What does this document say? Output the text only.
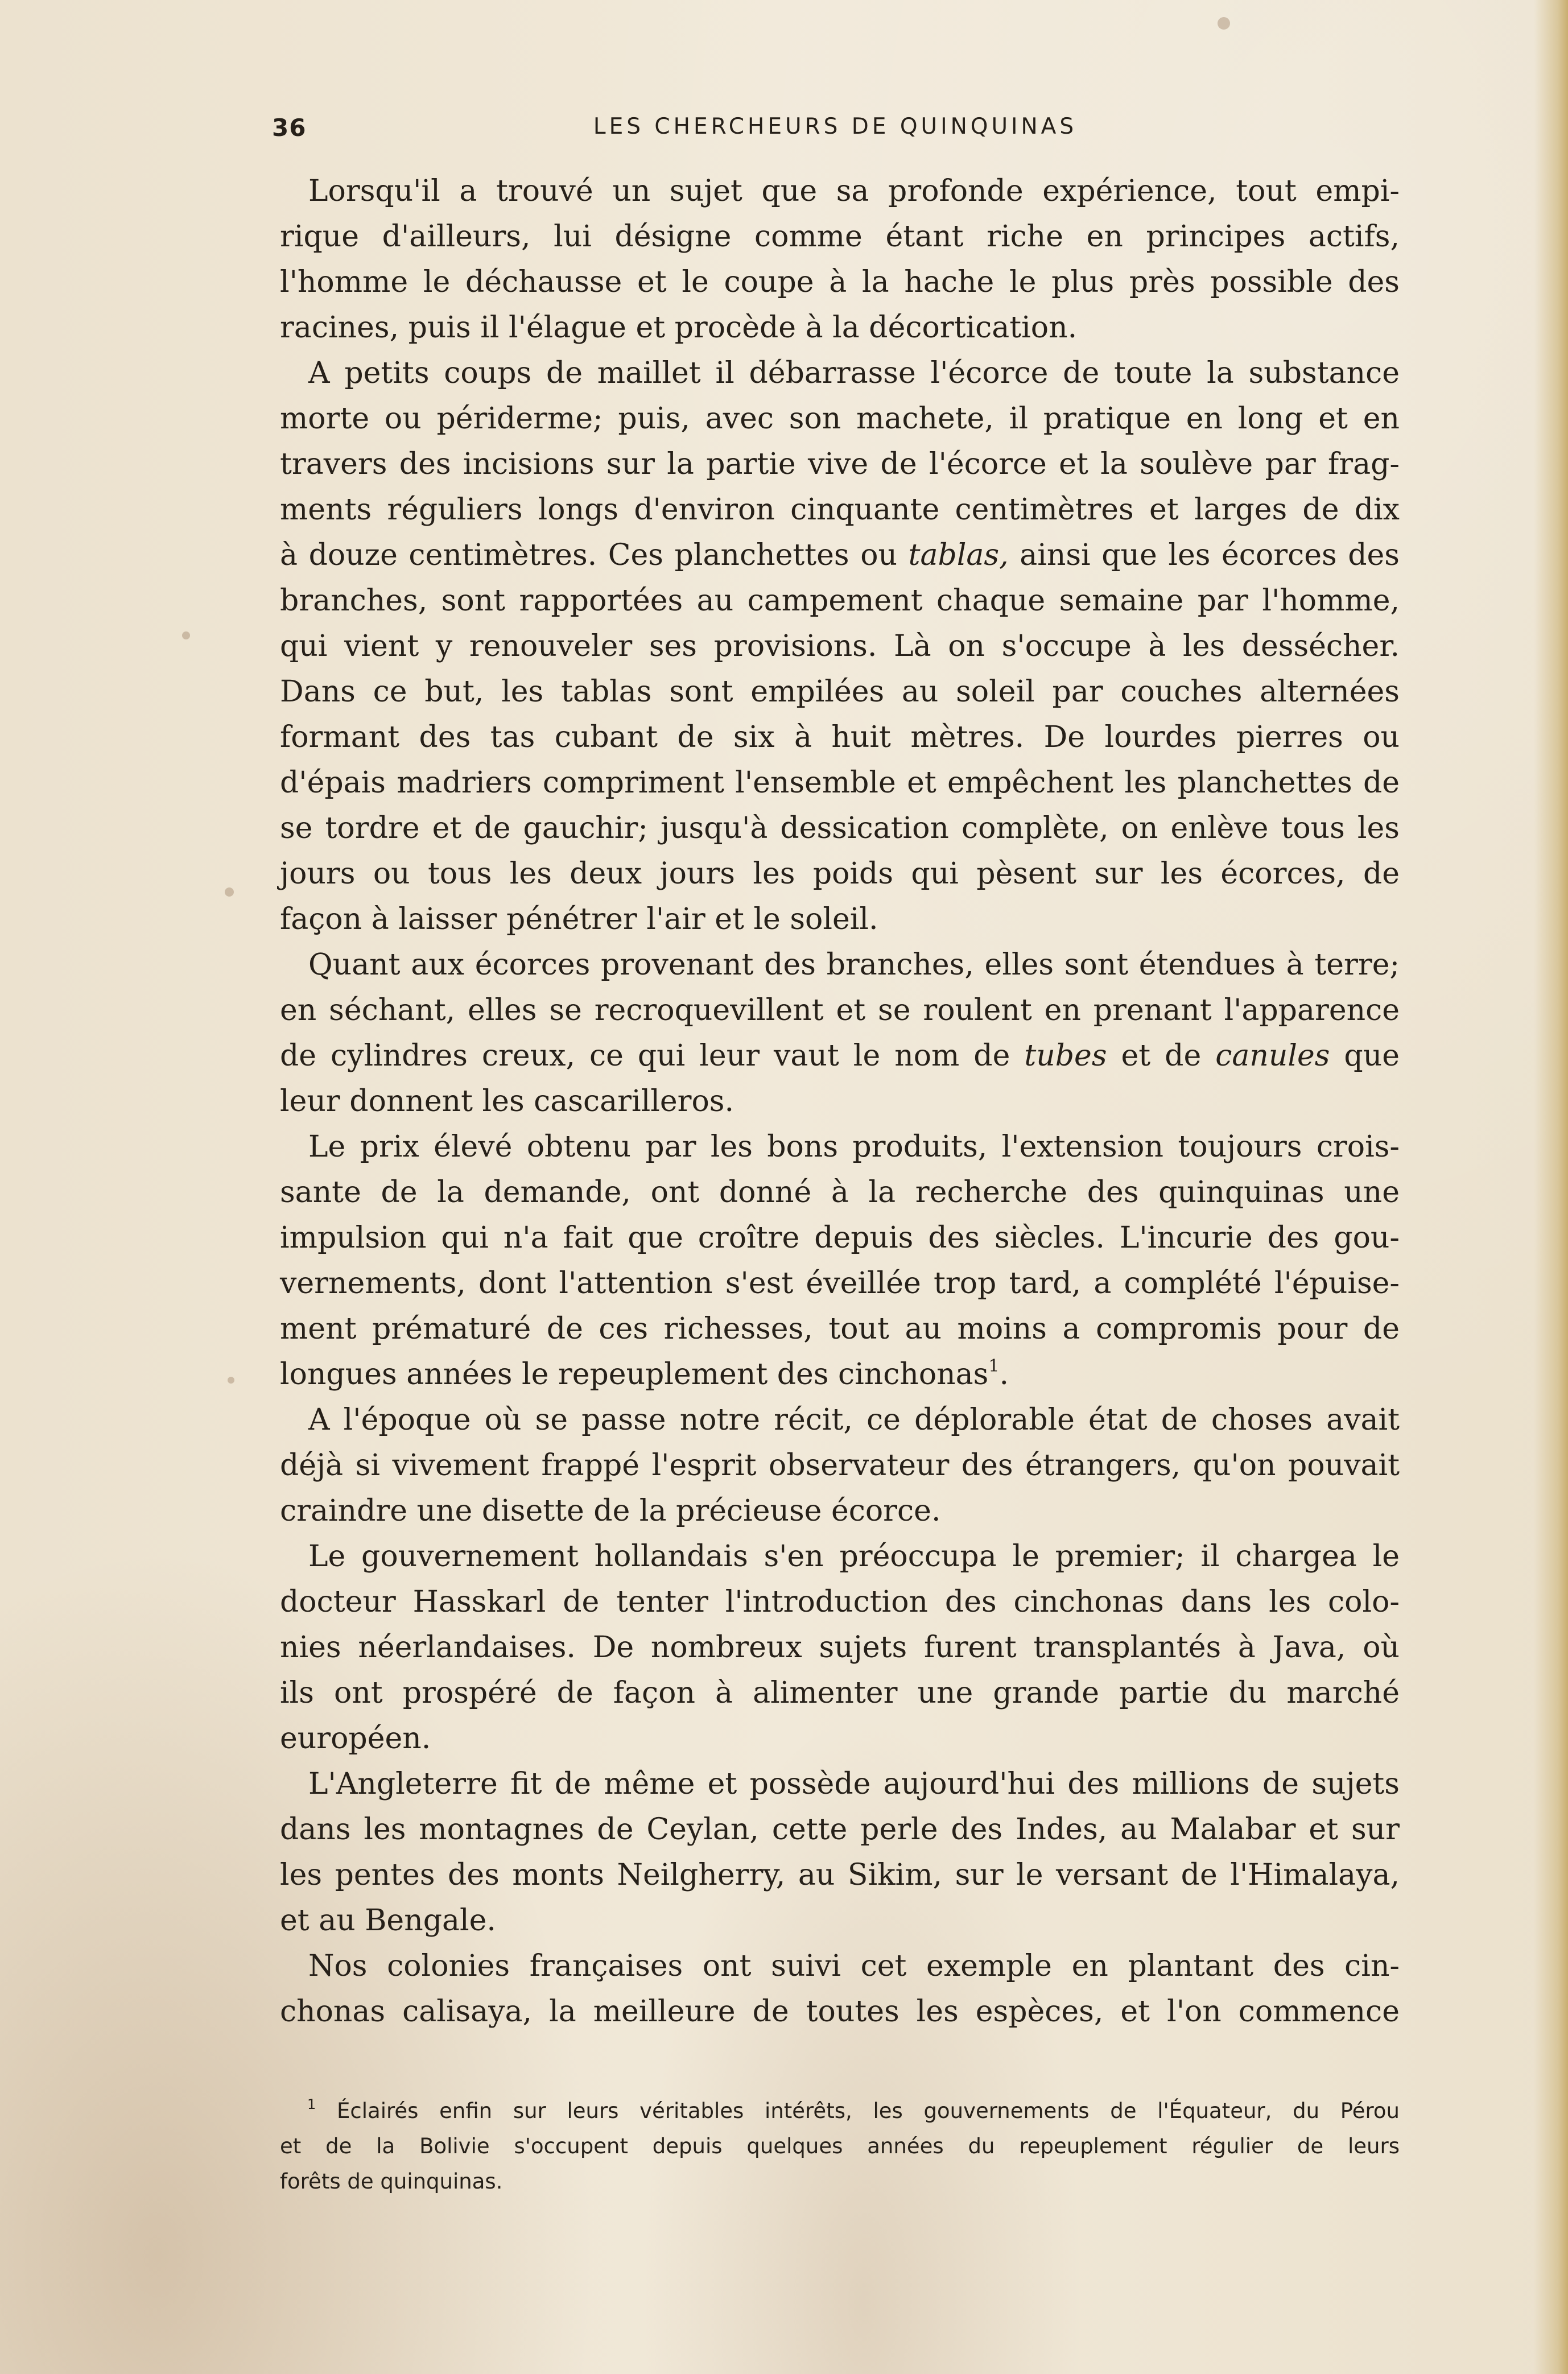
36	LES CHERCHEURS DE QUINQUINAS
Lorsqu'il a trouvé un sujet que sa profonde expérience, tout empi-
rique d'ailleurs, lui désigne comme étant riche en principes actifs,
l'homme le déchausse et le coupe à la hache le plus près possible des
racines, puis il l'élague et procède à la décortication.
A petits coups de maillet il débarrasse l'écorce de toute la substance
morte ou périderme; puis, avec son machete, il pratique en long et en
travers des incisions sur la partie vive de l'écorce et la soulève par frag-
ments réguliers longs d'environ cinquante centimètres et larges de dix
à douze centimètres. Ces planchettes ou tablas, ainsi que les écorces des
branches, sont rapportées au campement chaque semaine par l'homme,
qui vient y renouveler ses provisions. Là on s'occupe à les dessécher.
Dans ce but, les tablas sont empilées au soleil par couches alternées
formant des tas cubant de six à huit mètres. De lourdes pierres ou
d'épais madriers compriment l'ensemble et empêchent les planchettes de
se tordre et de gauchir; jusqu'à dessication complète, on enlève tous les
jours ou tous les deux jours les poids qui pèsent sur les écorces, de
façon à laisser pénétrer l'air et le soleil.
Quant aux écorces provenant des branches, elles sont étendues à terre;
en séchant, elles se recroquevillent et se roulent en prenant l'apparence
de cylindres creux, ce qui leur vaut le nom de tubes et de canules que
leur donnent les cascarilleros.
Le prix élevé obtenu par les bons produits, l'extension toujours crois-
sante de la demande, ont donné à la recherche des quinquinas une
impulsion qui n'a fait que croître depuis des siècles. L'incurie des gou-
vernements, dont l'attention s'est éveillée trop tard, a complété l'épuise-
ment prématuré de ces richesses, tout au moins a compromis pour de
longues années le repeuplement des cinchonas$^1$.
A l'époque où se passe notre récit, ce déplorable état de choses avait
déjà si vivement frappé l'esprit observateur des étrangers, qu'on pouvait
craindre une disette de la précieuse écorce.
Le gouvernement hollandais s'en préoccupa le premier; il chargea le
docteur Hasskarl de tenter l'introduction des cinchonas dans les colo-
nies néerlandaises. De nombreux sujets furent transplantés à Java, où
ils ont prospéré de façon à alimenter une grande partie du marché
européen.
L'Angleterre fit de même et possède aujourd'hui des millions de sujets
dans les montagnes de Ceylan, cette perle des Indes, au Malabar et sur
les pentes des monts Neilgherry, au Sikim, sur le versant de l'Himalaya,
et au Bengale.
Nos colonies françaises ont suivi cet exemple en plantant des cin-
chonas calisaya, la meilleure de toutes les espèces, et l'on commence
$^1$ Éclairés enfin sur leurs véritables intérêts, les gouvernements de l'Équateur, du Pérou
et de la Bolivie s'occupent depuis quelques années du repeuplement régulier de leurs
forêts de quinquinas.
